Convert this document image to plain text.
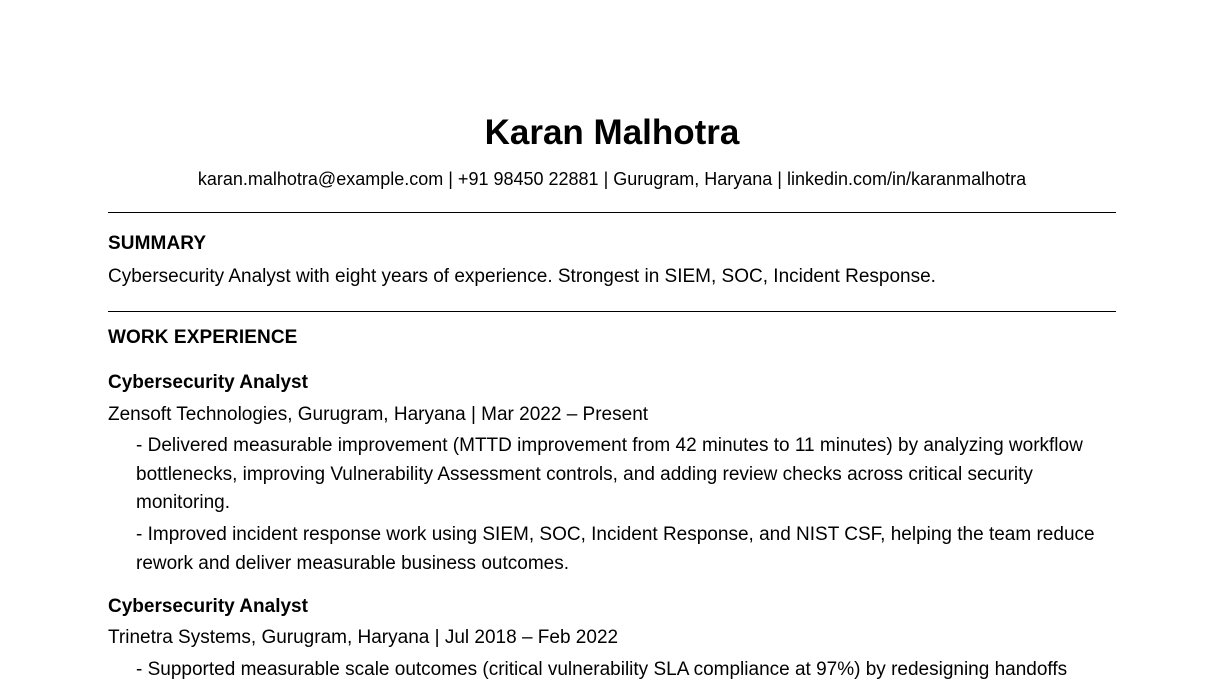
Karan Malhotra
karan.malhotra@example.com | +91 98450 22881 | Gurugram, Haryana | linkedin.com/in/karanmalhotra
SUMMARY
Cybersecurity Analyst with eight years of experience. Strongest in SIEM, SOC, Incident Response.
WORK EXPERIENCE
Cybersecurity Analyst
Zensoft Technologies, Gurugram, Haryana | Mar 2022 – Present
- Delivered measurable improvement (MTTD improvement from 42 minutes to 11 minutes) by analyzing workflow bottlenecks, improving Vulnerability Assessment controls, and adding review checks across critical security monitoring.
- Improved incident response work using SIEM, SOC, Incident Response, and NIST CSF, helping the team reduce rework and deliver measurable business outcomes.
Cybersecurity Analyst
Trinetra Systems, Gurugram, Haryana | Jul 2018 – Feb 2022
- Supported measurable scale outcomes (critical vulnerability SLA compliance at 97%) by redesigning handoffs
